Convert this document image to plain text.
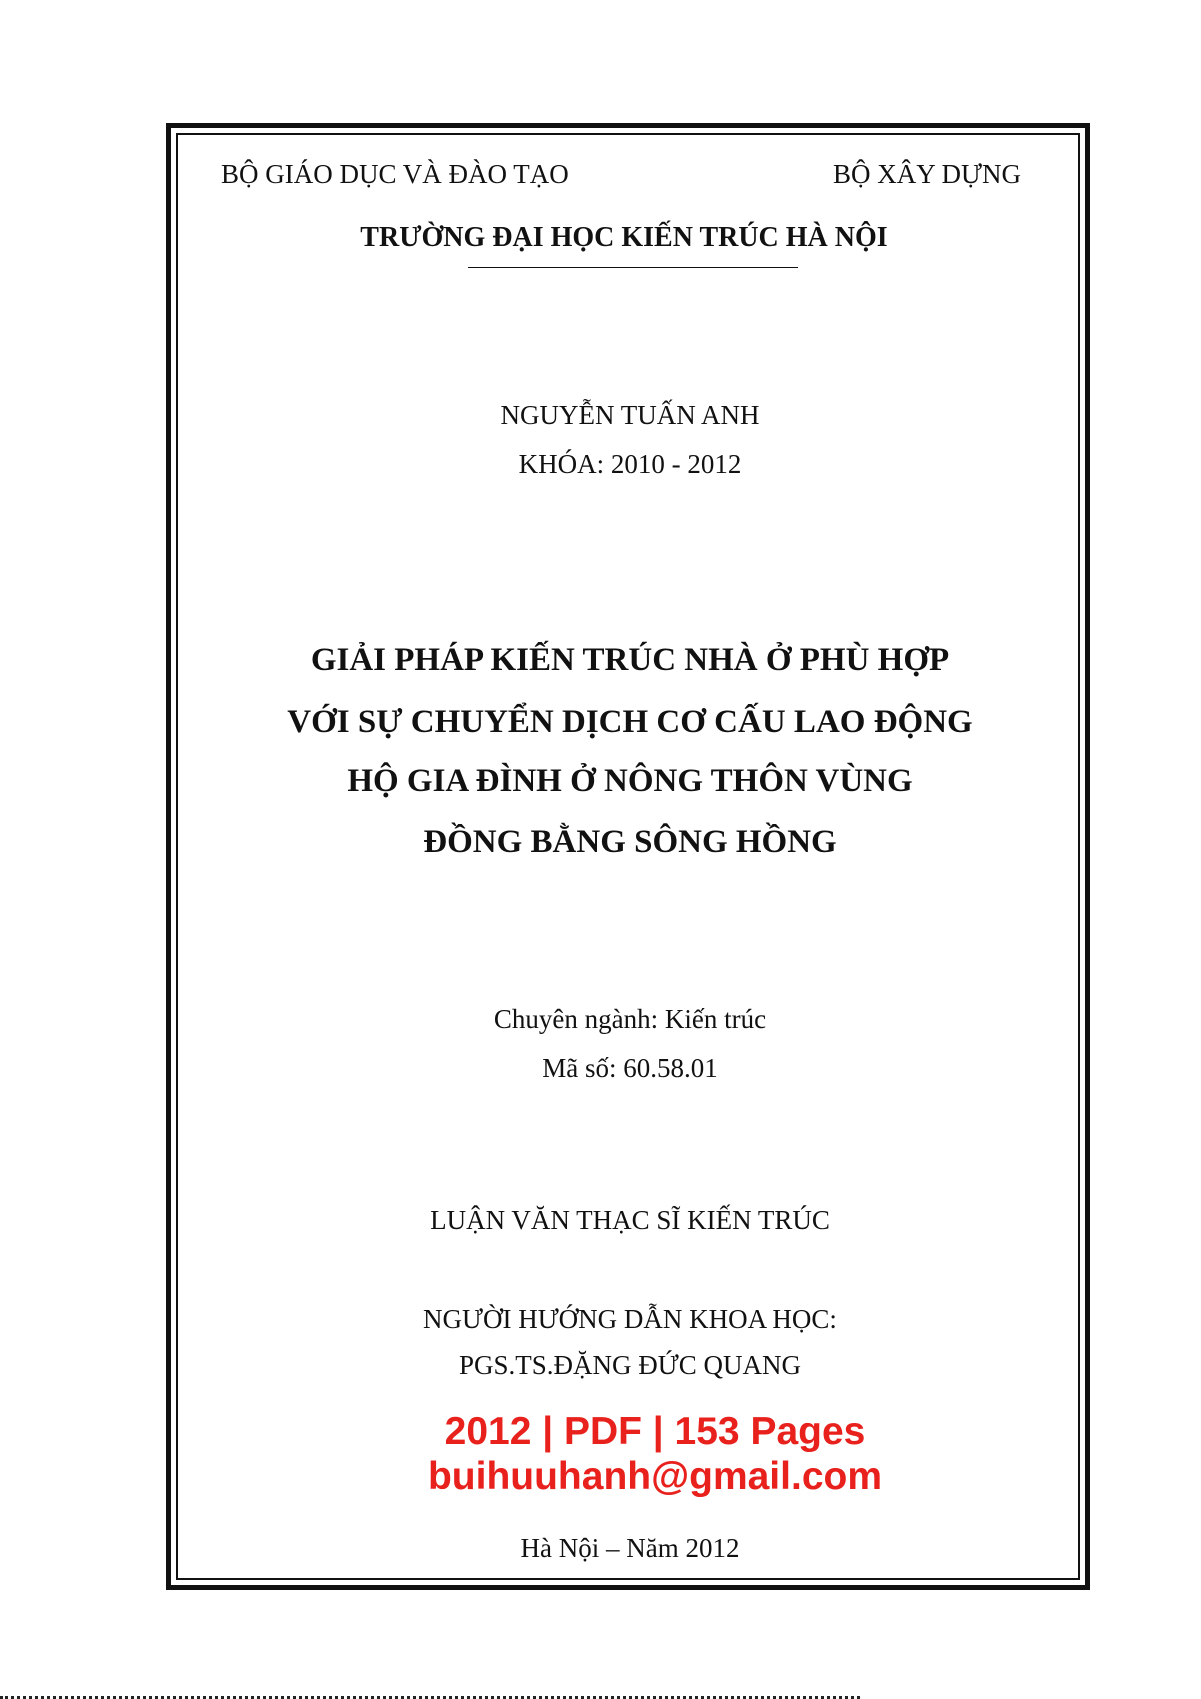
BỘ GIÁO DỤC VÀ ĐÀO TẠO	BỘ XÂY DỰNG
TRƯỜNG ĐẠI HỌC KIẾN TRÚC HÀ NỘI
NGUYỄN TUẤN ANH
KHÓA: 2010 - 2012
GIẢI PHÁP KIẾN TRÚC NHÀ Ở PHÙ HỢP
VỚI SỰ CHUYỂN DỊCH CƠ CẤU LAO ĐỘNG
HỘ GIA ĐÌNH Ở NÔNG THÔN VÙNG
ĐỒNG BẰNG SÔNG HỒNG
Chuyên ngành: Kiến trúc
Mã số: 60.58.01
LUẬN VĂN THẠC SĨ KIẾN TRÚC
NGƯỜI HƯỚNG DẪN KHOA HỌC:
PGS.TS.ĐẶNG ĐỨC QUANG
2012 | PDF | 153 Pages
buihuuhanh@gmail.com
Hà Nội – Năm 2012
